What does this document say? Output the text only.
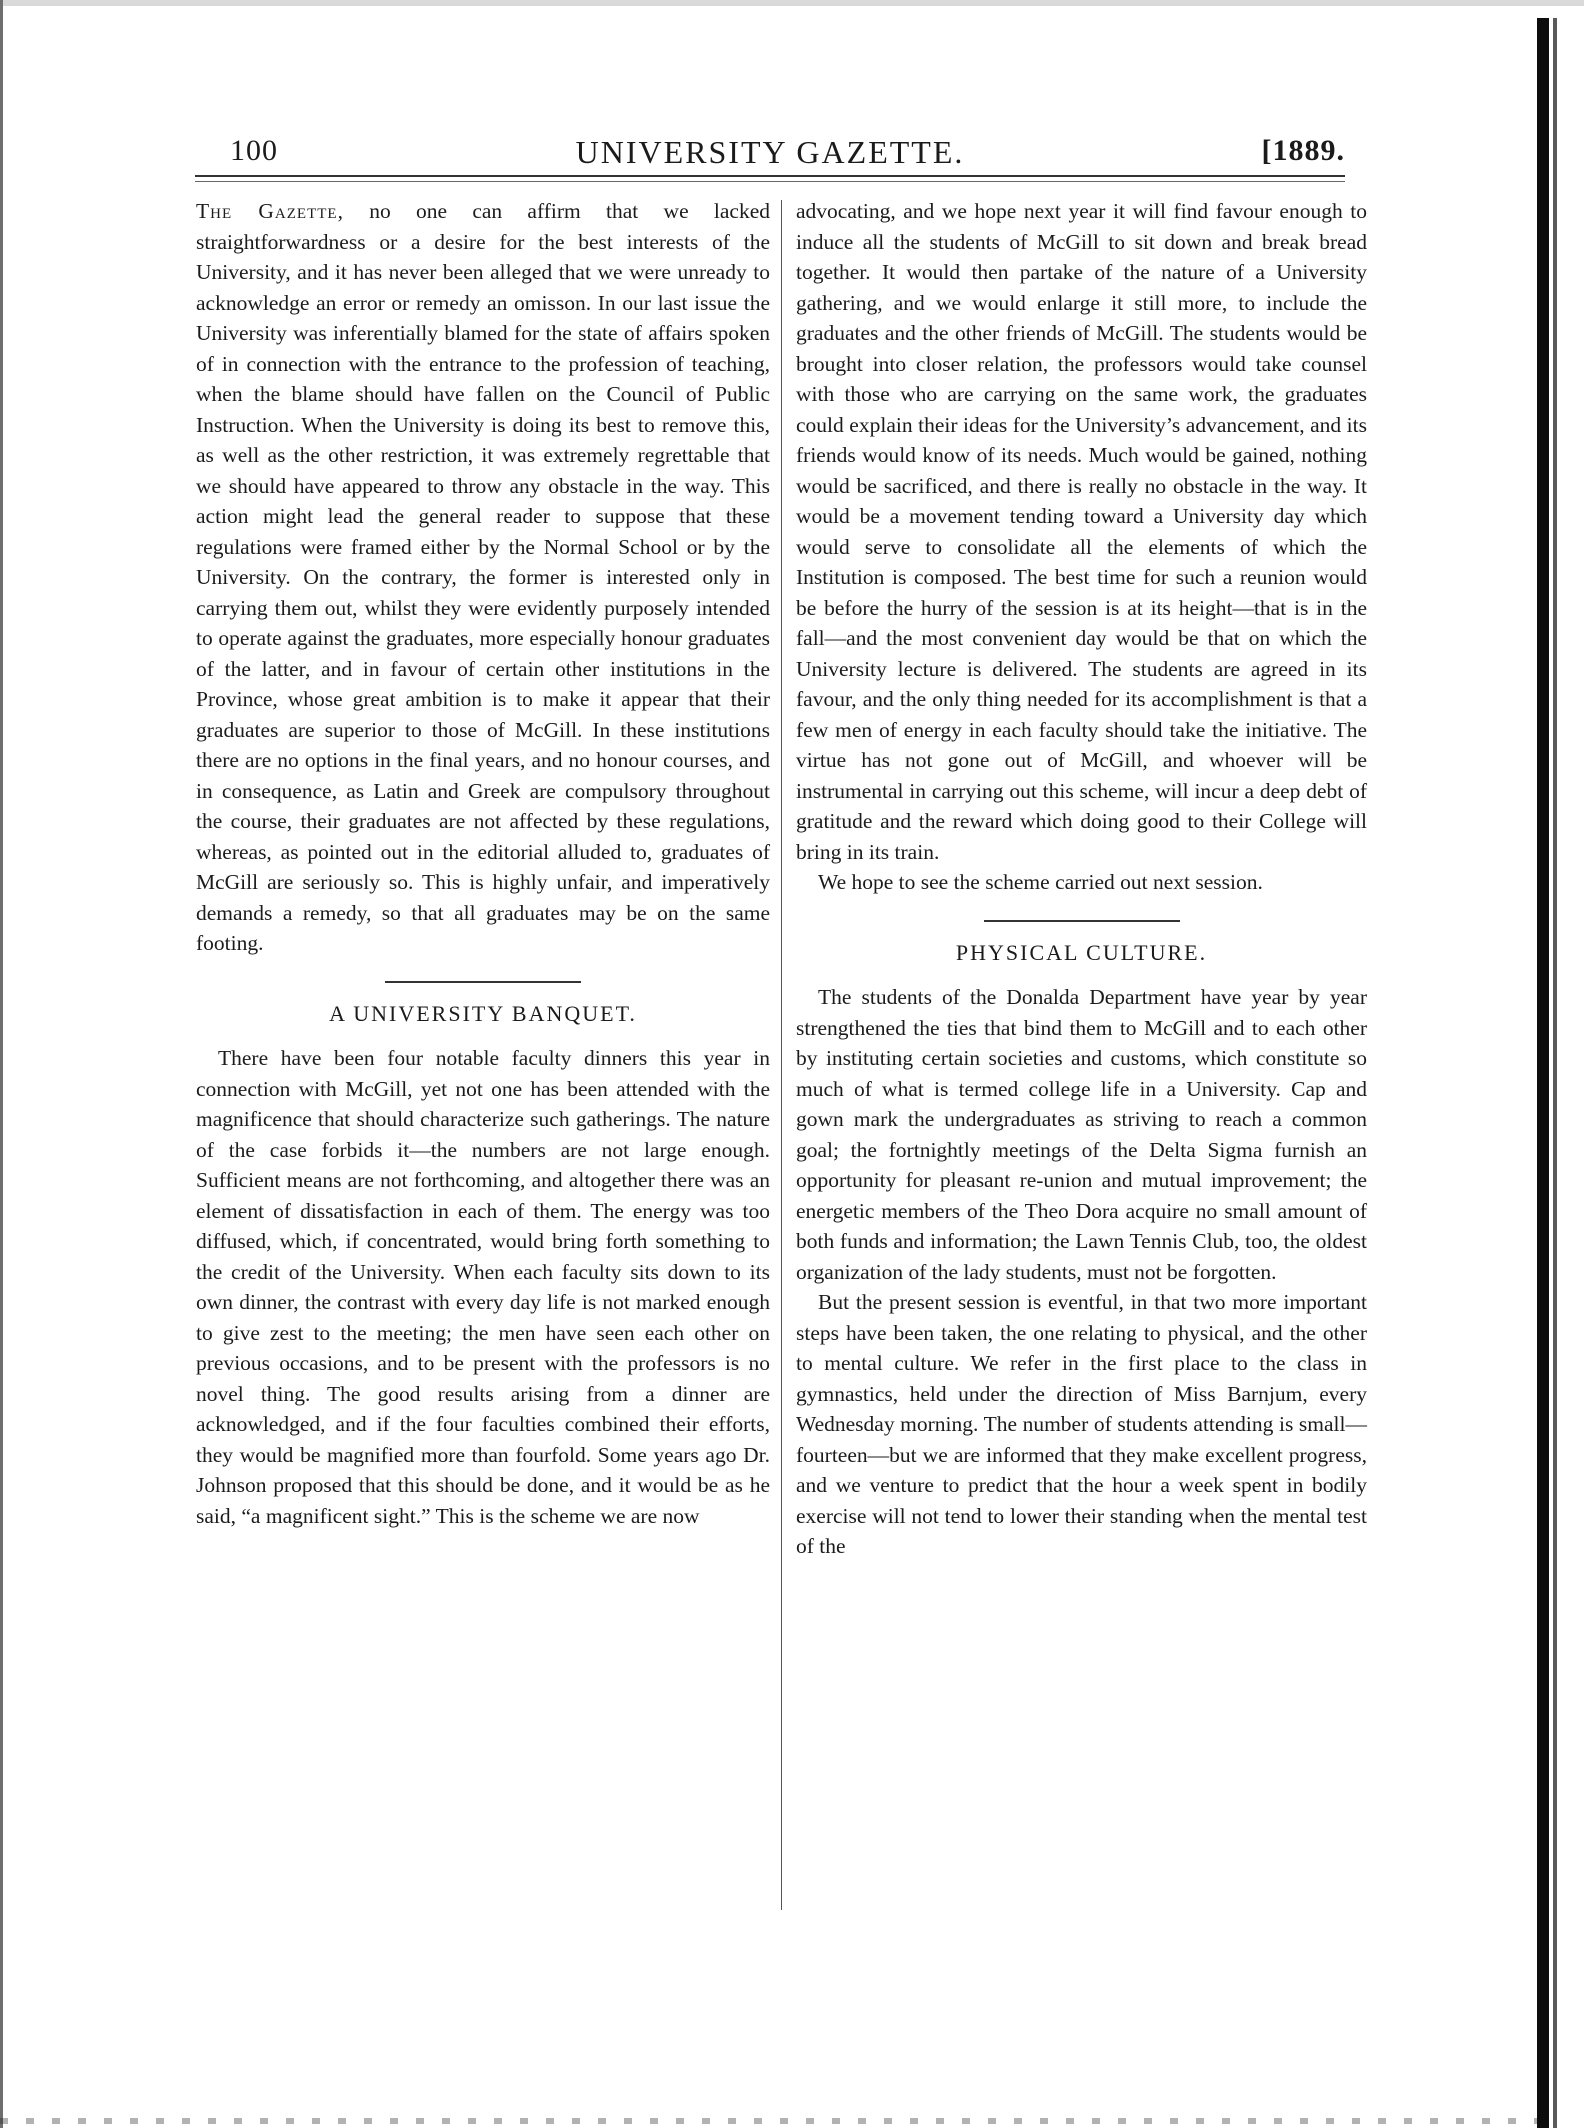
100	UNIVERSITY GAZETTE.	[1889.

The Gazette, no one can affirm that we lacked straightforwardness or a desire for the best interests of the University, and it has never been alleged that we were unready to acknowledge an error or remedy an omisson. In our last issue the University was inferentially blamed for the state of affairs spoken of in connection with the entrance to the profession of teaching, when the blame should have fallen on the Council of Public Instruction. When the University is doing its best to remove this, as well as the other restriction, it was extremely regrettable that we should have appeared to throw any obstacle in the way. This action might lead the general reader to suppose that these regulations were framed either by the Normal School or by the University. On the contrary, the former is interested only in carrying them out, whilst they were evidently purposely intended to operate against the graduates, more especially honour graduates of the latter, and in favour of certain other institutions in the Province, whose great ambition is to make it appear that their graduates are superior to those of McGill. In these institutions there are no options in the final years, and no honour courses, and in consequence, as Latin and Greek are compulsory throughout the course, their graduates are not affected by these regulations, whereas, as pointed out in the editorial alluded to, graduates of McGill are seriously so. This is highly unfair, and imperatively demands a remedy, so that all graduates may be on the same footing.

A UNIVERSITY BANQUET.

There have been four notable faculty dinners this year in connection with McGill, yet not one has been attended with the magnificence that should characterize such gatherings. The nature of the case forbids it—the numbers are not large enough. Sufficient means are not forthcoming, and altogether there was an element of dissatisfaction in each of them. The energy was too diffused, which, if concentrated, would bring forth something to the credit of the University. When each faculty sits down to its own dinner, the contrast with every day life is not marked enough to give zest to the meeting; the men have seen each other on previous occasions, and to be present with the professors is no novel thing. The good results arising from a dinner are acknowledged, and if the four faculties combined their efforts, they would be magnified more than fourfold. Some years ago Dr. Johnson proposed that this should be done, and it would be as he said, “a magnificent sight.” This is the scheme we are now

advocating, and we hope next year it will find favour enough to induce all the students of McGill to sit down and break bread together. It would then partake of the nature of a University gathering, and we would enlarge it still more, to include the graduates and the other friends of McGill. The students would be brought into closer relation, the professors would take counsel with those who are carrying on the same work, the graduates could explain their ideas for the University’s advancement, and its friends would know of its needs. Much would be gained, nothing would be sacrificed, and there is really no obstacle in the way. It would be a movement tending toward a University day which would serve to consolidate all the elements of which the Institution is composed. The best time for such a reunion would be before the hurry of the session is at its height—that is in the fall—and the most convenient day would be that on which the University lecture is delivered. The students are agreed in its favour, and the only thing needed for its accomplishment is that a few men of energy in each faculty should take the initiative. The virtue has not gone out of McGill, and whoever will be instrumental in carrying out this scheme, will incur a deep debt of gratitude and the reward which doing good to their College will bring in its train.

We hope to see the scheme carried out next session.

PHYSICAL CULTURE.

The students of the Donalda Department have year by year strengthened the ties that bind them to McGill and to each other by instituting certain societies and customs, which constitute so much of what is termed college life in a University. Cap and gown mark the undergraduates as striving to reach a common goal; the fortnightly meetings of the Delta Sigma furnish an opportunity for pleasant re-union and mutual improvement; the energetic members of the Theo Dora acquire no small amount of both funds and information; the Lawn Tennis Club, too, the oldest organization of the lady students, must not be forgotten.

But the present session is eventful, in that two more important steps have been taken, the one relating to physical, and the other to mental culture. We refer in the first place to the class in gymnastics, held under the direction of Miss Barnjum, every Wednesday morning. The number of students attending is small—fourteen—but we are informed that they make excellent progress, and we venture to predict that the hour a week spent in bodily exercise will not tend to lower their standing when the mental test of the
